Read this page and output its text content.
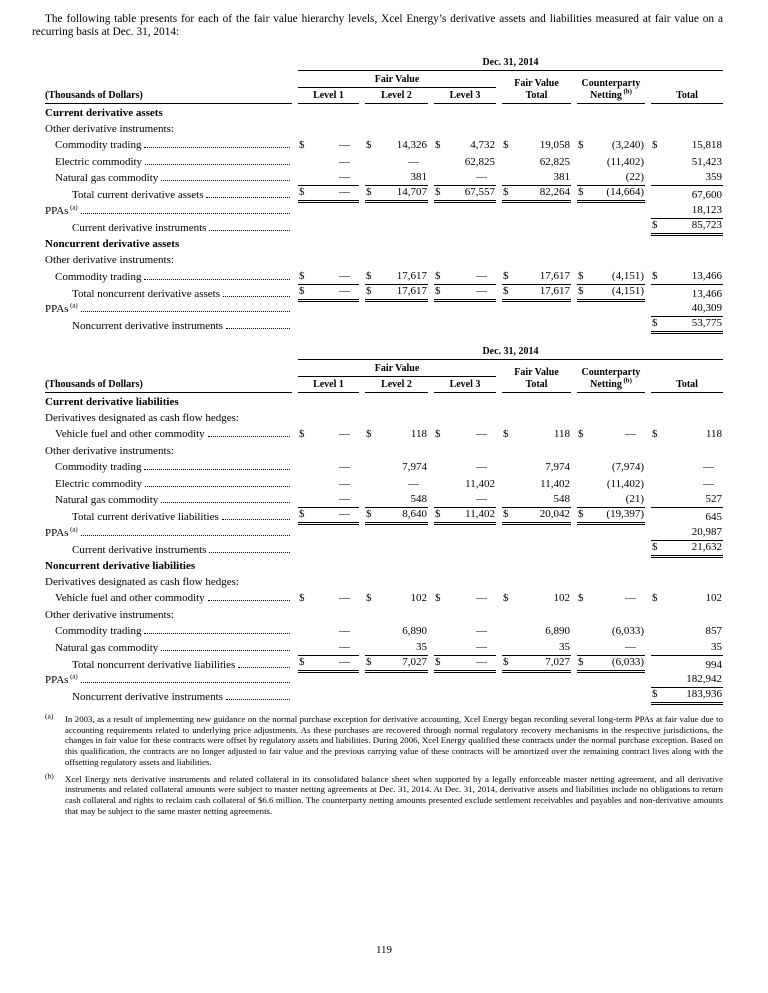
The following table presents for each of the fair value hierarchy levels, Xcel Energy’s derivative assets and liabilities measured at fair value on a recurring basis at Dec. 31, 2014:

Dec. 31, 2014
(Thousands of Dollars)
Fair Value
Level 1	Level 2	Level 3
Fair Value
Total
Counterparty
Netting $^{(b)}$	Total
Current derivative assets
Other derivative instruments:
Commodity trading	$	—	$ 14,326 $	4,732 $	19,058 $	(3,240) $	15,818
Electric commodity	—	—	62,825	62,825	(11,402)	51,423
Natural gas commodity	—	381	—	381	(22)	359
Total current derivative assets	$	—	$ 14,707 $ 67,557 $	82,264 $ (14,664)	67,600
PPAs $^{(a)}$	18,123
Current derivative instruments	$	85,723
Noncurrent derivative assets
Other derivative instruments:
Commodity trading	$	—	$ 17,617 $	—	$	17,617 $	(4,151) $	13,466
Total noncurrent derivative assets	$	—	$ 17,617 $	—	$	17,617 $	(4,151)	13,466
PPAs $^{(a)}$	40,309
Noncurrent derivative instruments	$	53,775
Dec. 31, 2014
(Thousands of Dollars)
Fair Value
Level 1	Level 2	Level 3
Fair Value
Total
Counterparty
Netting $^{(b)}$	Total
Current derivative liabilities
Derivatives designated as cash flow hedges:
Vehicle fuel and other commodity	$	—	$	118 $	—	$	118 $	—	$	118
Other derivative instruments:
Commodity trading	—	7,974	—	7,974	(7,974)	—
Electric commodity	—	—	11,402	11,402	(11,402)	—
Natural gas commodity	—	548	—	548	(21)	527
Total current derivative liabilities	$	—	$	8,640 $ 11,402 $	20,042 $ (19,397)	645
PPAs $^{(a)}$	20,987
Current derivative instruments	$	21,632
Noncurrent derivative liabilities
Derivatives designated as cash flow hedges:
Vehicle fuel and other commodity	$	—	$	102 $	—	$	102 $	—	$	102
Other derivative instruments:
Commodity trading	—	6,890	—	6,890	(6,033)	857
Natural gas commodity	—	35	—	35	—	35
Total noncurrent derivative liabilities	$	—	$	7,027 $	—	$	7,027 $	(6,033)	994
PPAs $^{(a)}$	182,942
Noncurrent derivative instruments	$	183,936
$^{(a)}$	In 2003, as a result of implementing new guidance on the normal purchase exception for derivative accounting, Xcel Energy began recording several long-term PPAs at fair value due to accounting requirements related to underlying price adjustments. As these purchases are recovered through normal regulatory recovery mechanisms in the respective jurisdictions, the changes in fair value for these contracts were offset by regulatory assets and liabilities. During 2006, Xcel Energy qualified these contracts under the normal purchase exception. Based on this qualification, the contracts are no longer adjusted to fair value and the previous carrying value of these contracts will be amortized over the remaining contract lives along with the offsetting regulatory assets and liabilities.
$^{(b)}$	Xcel Energy nets derivative instruments and related collateral in its consolidated balance sheet when supported by a legally enforceable master netting agreement, and all derivative instruments and related collateral amounts were subject to master netting agreements at Dec. 31, 2014. At Dec. 31, 2014, derivative assets and liabilities include no obligations to return cash collateral and rights to reclaim cash collateral of $6.6 million. The counterparty netting amounts presented exclude settlement receivables and payables and non-derivative amounts that may be subject to the same master netting agreements.
119
